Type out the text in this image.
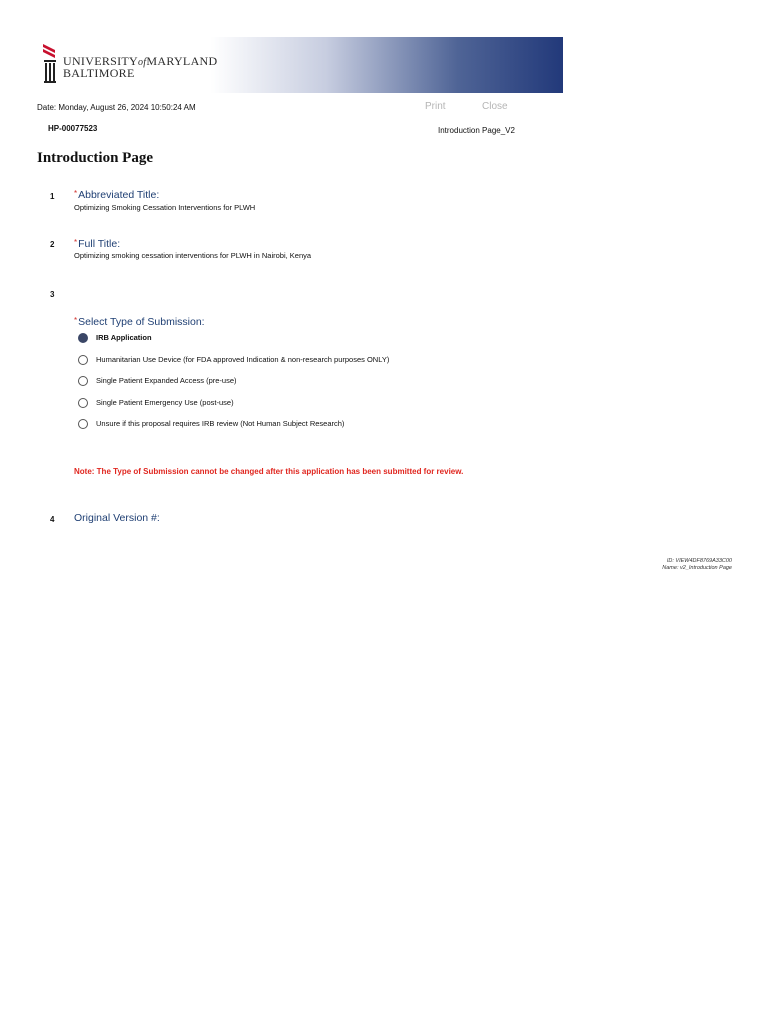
UNIVERSITYofMARYLAND
BALTIMORE
Date: Monday, August 26, 2024 10:50:24 AM	Print	Close
HP-00077523	Introduction Page_V2
Introduction Page
1 *Abbreviated Title:
Optimizing Smoking Cessation Interventions for PLWH
2 *Full Title:
Optimizing smoking cessation interventions for PLWH in Nairobi, Kenya
3
*Select Type of Submission:
IRB Application
Humanitarian Use Device (for FDA approved Indication & non-research purposes ONLY)
Single Patient Expanded Access (pre-use)
Single Patient Emergency Use (post-use)
Unsure if this proposal requires IRB review (Not Human Subject Research)
Note: The Type of Submission cannot be changed after this application has been submitted for review.
4 Original Version #:
ID: VIEW4DF8769A33C00
Name: v2_Introduction Page
